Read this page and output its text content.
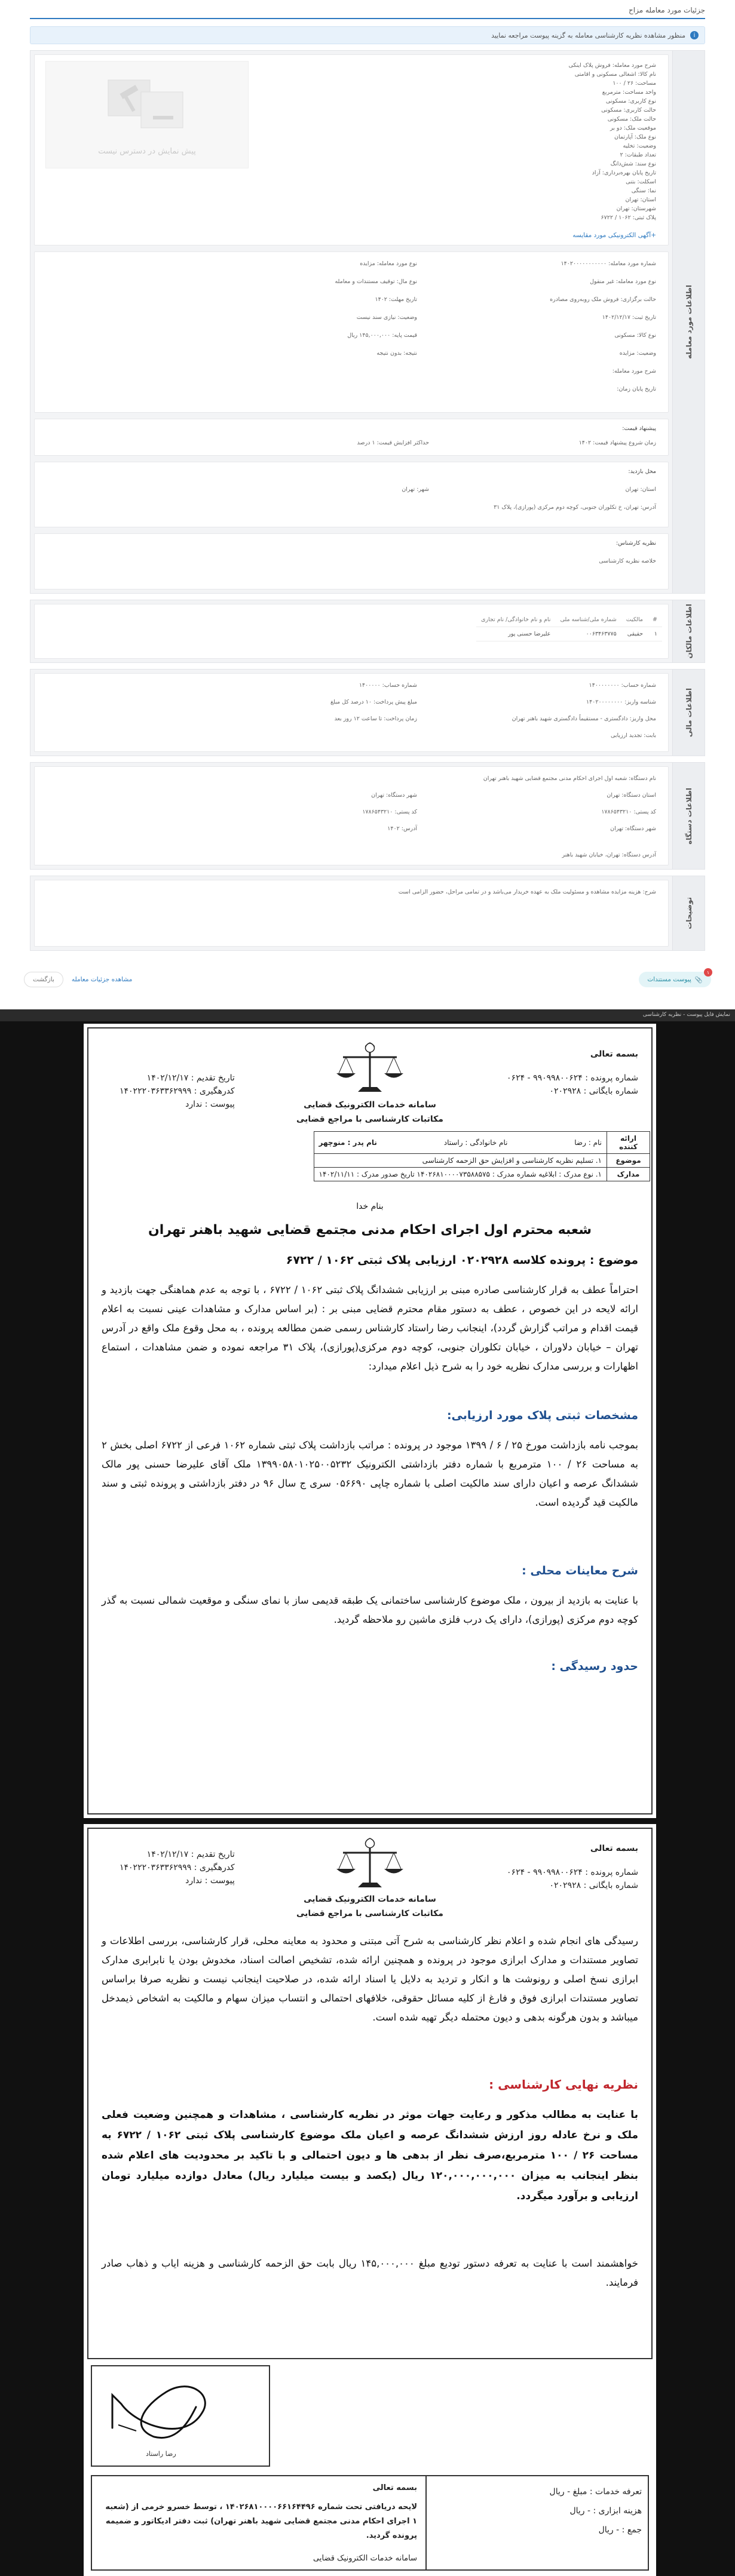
جزئیات مورد معامله مزاح
i
منظور مشاهده نظریه کارشناسی معامله به گزینه پیوست مراجعه نمایید
اطلاعات مورد معامله
پیش نمایش در دسترس نیست
شرح مورد معامله: فروش پلاک اینکی
نام کالا: اشغالی مسکونی و اقامتی
مساحت: ۲۶ / ۱۰۰
واحد مساحت: مترمربع
نوع کاربری: مسکونی
حالت کاربری: مسکونی
حالت ملک: مسکونی
موقعیت ملک: دو بر
نوع ملک: آپارتمان
وضعیت: تخلیه
تعداد طبقات: ۲
نوع سند: شش‌دانگ
تاریخ پایان بهره‌برداری: آزاد
اسکلت: بتنی
نما: سنگی
استان: تهران
شهرستان: تهران
پلاک ثبتی: ۱۰۶۲ / ۶۷۲۲
+آگهی الکترونیکی مورد مقایسه
شماره مورد معامله: ۱۴۰۲۰۰۰۰۰۰۰۰۰۰۰
نوع مورد معامله: غیر منقول
حالت برگزاری: فروش ملک روبه‌روی مصادره
تاریخ ثبت: ۱۴۰۲/۱۲/۱۷
نوع کالا: مسکونی
وضعیت: مزایده
شرح مورد معامله:
تاریخ پایان زمان:
نوع مورد معامله: مزایده
نوع مال: توقیف مستندات و معامله
تاریخ مهلت: ۱۴۰۲
وضعیت: نیازی سند نیست
قیمت پایه: ۱۴۵,۰۰۰,۰۰۰ ریال
نتیجه: بدون نتیجه
پیشنهاد قیمت:
زمان شروع پیشنهاد قیمت: ۱۴۰۲
حداکثر افزایش قیمت: ۱ درصد
محل بازدید:
استان: تهران
شهر: تهران
آدرس: تهران، خ تکلوران جنوبی، کوچه دوم مرکزی (پورازی)، پلاک ۳۱
نظریه کارشناس:
خلاصه نظریه کارشناسی
اطلاعات مالکان
#	مالکیت	شماره ملی/شناسه ملی	نام و نام خانوادگی/ نام تجاری
۱	حقیقی	۰۰۶۳۴۶۳۷۷۵	علیرضا حسنی پور
اطلاعات مالی
شماره حساب: ۱۴۰۰۰۰۰۰۰۰
شناسه واریز: ۱۴۰۲۰۰۰۰۰۰۰۰
محل واریز: دادگستری - مستقیماً دادگستری شهید باهنر تهران
بابت: تجدید ارزیابی
شماره حساب: ۱۴۰۰۰۰۰
مبلغ پیش پرداخت: ۱۰ درصد کل مبلغ
زمان پرداخت: تا ساعت ۱۲ روز بعد
اطلاعات دستگاه
نام دستگاه: شعبه اول اجرای احکام مدنی مجتمع قضایی شهید باهنر تهران
استان دستگاه: تهران
کد پستی: ۱۷۸۶۵۴۳۲۱۰
شهر دستگاه: تهران
شهر دستگاه: تهران
کد پستی: ۱۷۸۶۵۴۳۲۱۰
آدرس: ۱۴۰۲
آدرس دستگاه: تهران، خیابان شهید باهنر
توضیحات
شرح: هزینه مزایده مشاهده و مسئولیت ملک به عهده خریدار می‌باشد و در تمامی مراحل، حضور الزامی است
۱
📎
پیوست مستندات
مشاهده جزئیات معامله
بازگشت
نمایش فایل پیوست - نظریه کارشناسی
بسمه تعالی
شماره پرونده : ۹۹۰۹۹۸۰۰۶۲۴ - ۰۶۲۴
شماره بایگانی : ۰۲۰۲۹۲۸
تاریخ تقدیم : ۱۴۰۲/۱۲/۱۷
کدرهگیری : ۱۴۰۲۲۲۰۳۶۳۳۶۲۹۹۹
پیوست : ندارد	سامانه خدمات الکترونیک قضایی
مکاتبات کارشناسی با مراجع قضایی
ارائه کننده	نام : رضا
نام خانوادگی : راستاد
نام پدر : منوچهر

موضوع	۱. تسلیم نظریه کارشناسی و افزایش حق الزحمه کارشناسی
مدارک	۱. نوع مدرک : ابلاغیه شماره مدرک : ۱۴۰۲۶۸۱۰۰۰۰۷۳۵۸۸۵۷۵ تاریخ صدور مدرک : ۱۴۰۲/۱۱/۱۱
بنام خدا
شعبه محترم اول اجرای احکام مدنی مجتمع قضایی شهید باهنر تهران
موضوع : پرونده کلاسه ۰۲۰۲۹۲۸ ارزیابی پلاک ثبتی ۱۰۶۲ / ۶۷۲۲
احتراماً عطف به قرار کارشناسی صادره مبنی بر ارزیابی ششدانگ پلاک ثبتی ۱۰۶۲ / ۶۷۲۲ ، با توجه به عدم هماهنگی جهت بازدید و ارائه لایحه در این خصوص ، عطف به دستور مقام محترم قضایی مبنی بر : (بر اساس مدارک و مشاهدات عینی نسبت به اعلام قیمت اقدام و مراتب گزارش گردد)، اینجانب رضا راستاد کارشناس رسمی ضمن مطالعه پرونده ، به محل وقوع ملک واقع در آدرس تهران – خیابان دلاوران ، خیابان تکلوران جنوبی، کوچه دوم مرکزی(پورازی)، پلاک ۳۱ مراجعه نموده و ضمن مشاهدات ، استماع اظهارات و بررسی مدارک نظریه خود را به شرح ذیل اعلام میدارد:
مشخصات ثبتی پلاک مورد ارزیابی:
بموجب نامه بازداشت مورخ ۲۵ / ۶ / ۱۳۹۹ موجود در پرونده : مراتب بازداشت پلاک ثبتی شماره ۱۰۶۲ فرعی از ۶۷۲۲ اصلی بخش ۲ به مساحت ۲۶ / ۱۰۰ مترمربع با شماره دفتر بازداشتی الکترونیک ۱۳۹۹۰۵۸۰۱۰۲۵۰۰۵۲۳۲ ملک آقای علیرضا حسنی پور مالک ششدانگ عرصه و اعیان دارای سند مالکیت اصلی با شماره چاپی ۰۵۶۶۹۰ سری ج سال ۹۶ در دفتر بازداشتی و پرونده ثبتی و سند مالکیت قید گردیده است.
شرح معاینات محلی :
با عنایت به بازدید از بیرون ، ملک موضوع کارشناسی ساختمانی یک طبقه قدیمی ساز با نمای سنگی و موقعیت شمالی نسبت به گذر کوچه دوم مرکزی (پورازی)، دارای یک درب فلزی ماشین رو ملاحظه گردید.
حدود رسیدگی :
بسمه تعالی
شماره پرونده : ۹۹۰۹۹۸۰۰۶۲۴ - ۰۶۲۴
شماره بایگانی : ۰۲۰۲۹۲۸
تاریخ تقدیم : ۱۴۰۲/۱۲/۱۷
کدرهگیری : ۱۴۰۲۲۲۰۳۶۳۳۶۲۹۹۹
پیوست : ندارد
سامانه خدمات الکترونیک قضایی
مکاتبات کارشناسی با مراجع قضایی
رسیدگی های انجام شده و اعلام نظر کارشناسی به شرح آتی مبتنی و محدود به معاینه محلی، قرار کارشناسی، بررسی اطلاعات و تصاویر مستندات و مدارک ابرازی موجود در پرونده و همچنین ارائه شده، تشخیص اصالت اسناد، مخدوش بودن یا نابرابری مدارک ابرازی نسخ اصلی و رونوشت ها و انکار و تردید به دلایل یا اسناد ارائه شده، در صلاحیت اینجانب نیست و نظریه صرفا براساس تصاویر مستندات ابرازی فوق و فارغ از کلیه مسائل حقوقی، خلافهای احتمالی و انتساب میزان سهام و مالکیت به اشخاص ذیمدخل میباشد و بدون هرگونه بدهی و دیون محتمله دیگر تهیه شده است.
نظریه نهایی کارشناسی :
با عنایت به مطالب مذکور و رعایت جهات موثر در نظریه کارشناسی ، مشاهدات و همچنین وضعیت فعلی ملک و نرخ عادله روز ارزش ششدانگ عرصه و اعیان ملک موضوع کارشناسی پلاک ثبتی ۱۰۶۲ / ۶۷۲۲ به مساحت ۲۶ / ۱۰۰ مترمربع،صرف نظر از بدهی ها و دیون احتمالی و با تاکید بر محدودیت های اعلام شده بنظر اینجانب به میزان ۱۲۰,۰۰۰,۰۰۰,۰۰۰ ریال (یکصد و بیست میلیارد ریال) معادل دوازده میلیارد تومان ارزیابی و برآورد میگردد.
خواهشمند است با عنایت به تعرفه دستور تودیع مبلغ ۱۴۵,۰۰۰,۰۰۰ ریال بابت حق الزحمه کارشناسی و هزینه ایاب و ذهاب صادر فرمایند.
رضا راستاد
تعرفه خدمات : مبلغ - ریال
هزینه ابزاری : - ریال
جمع : - ریال
بسمه تعالی
لایحه دریافتی تحت شماره ۱۴۰۲۶۸۱۰۰۰۰۶۶۱۶۴۴۹۶ ، توسط خسرو خرمی از (شعبه ۱ اجرای احکام مدنی مجتمع قضایی شهید باهنر تهران) ثبت دفتر ادیکاتور و ضمیمه پرونده گردید.
سامانه خدمات الکترونیک قضایی
